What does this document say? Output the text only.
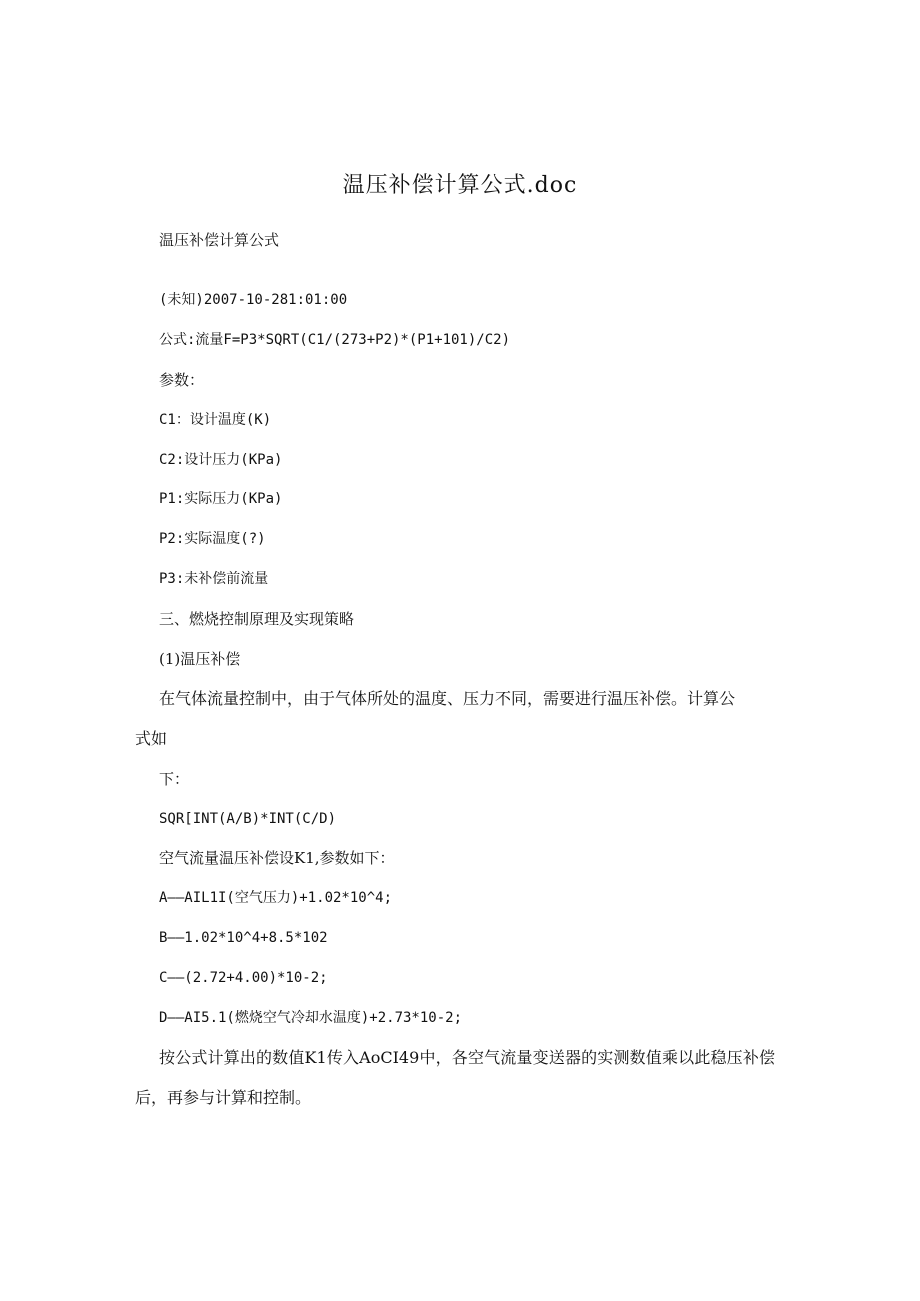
温压补偿计算公式.doc

温压补偿计算公式

(未知)2007-10-281:01:00

公式:流量F=P3*SQRT(C1/(273+P2)*(P1+101)/C2)

参数：

C1：设计温度(K)

C2:设计压力(KPa)

P1:实际压力(KPa)

P2:实际温度(?)

P3:未补偿前流量

三、燃烧控制原理及实现策略

(1)温压补偿

在气体流量控制中，由于气体所处的温度、压力不同，需要进行温压补偿。计算公

式如

下：

SQR[INT(A/B)*INT(C/D)

空气流量温压补偿设K1,参数如下：

A——AIL1I(空气压力)+1.02*10^4;

B——1.02*10^4+8.5*102

C——(2.72+4.00)*10-2;

D——AI5.1(燃烧空气冷却水温度)+2.73*10-2;

按公式计算出的数值K1传入AoCI49中，各空气流量变送器的实测数值乘以此稳压补偿后，再参与计算和控制。
